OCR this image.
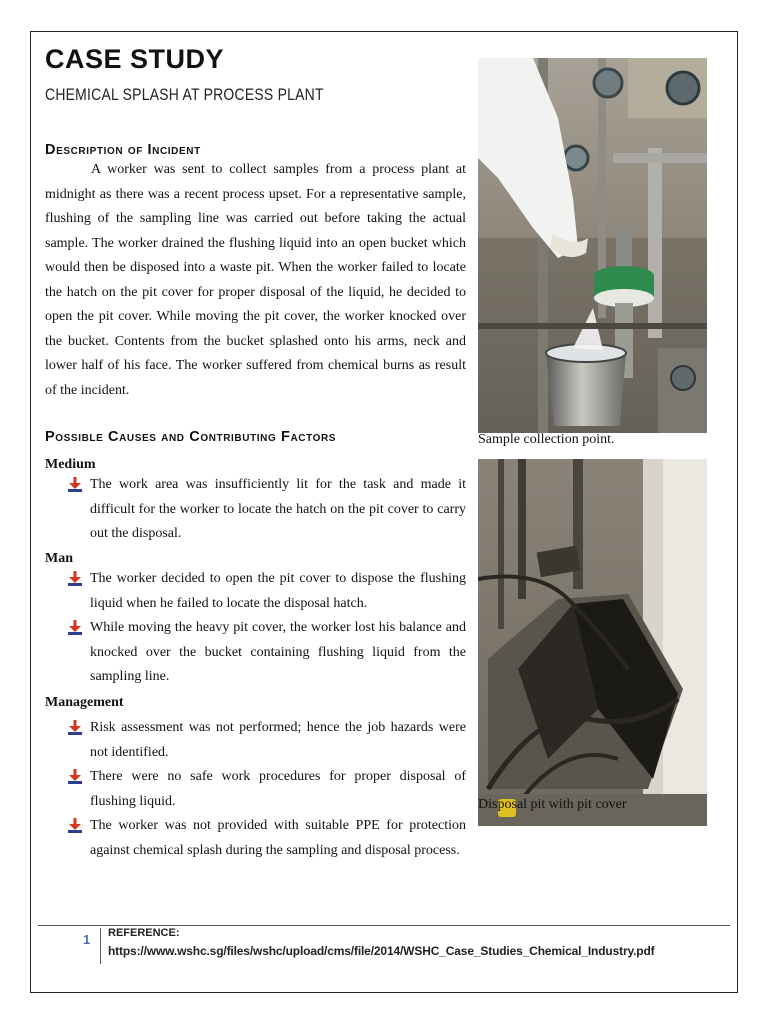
CASE STUDY
CHEMICAL SPLASH AT PROCESS PLANT
Description of Incident
A worker was sent to collect samples from a process plant at midnight as there was a recent process upset. For a representative sample, flushing of the sampling line was carried out before taking the actual sample. The worker drained the flushing liquid into an open bucket which would then be disposed into a waste pit. When the worker failed to locate the hatch on the pit cover for proper disposal of the liquid, he decided to open the pit cover. While moving the pit cover, the worker knocked over the bucket. Contents from the bucket splashed onto his arms, neck and lower half of his face. The worker suffered from chemical burns as result of the incident.
Possible Causes and Contributing Factors
Medium
The work area was insufficiently lit for the task and made it difficult for the worker to locate the hatch on the pit cover to carry out the disposal.
Man
The worker decided to open the pit cover to dispose the flushing liquid when he failed to locate the disposal hatch.
While moving the heavy pit cover, the worker lost his balance and knocked over the bucket containing flushing liquid from the sampling line.
Management
Risk assessment was not performed; hence the job hazards were not identified.
There were no safe work procedures for proper disposal of flushing liquid.
The worker was not provided with suitable PPE for protection against chemical splash during the sampling and disposal process.
Sample collection point.
Disposal pit with pit cover
1 REFERENCE:
https://www.wshc.sg/files/wshc/upload/cms/file/2014/WSHC_Case_Studies_Chemical_Industry.pdf
